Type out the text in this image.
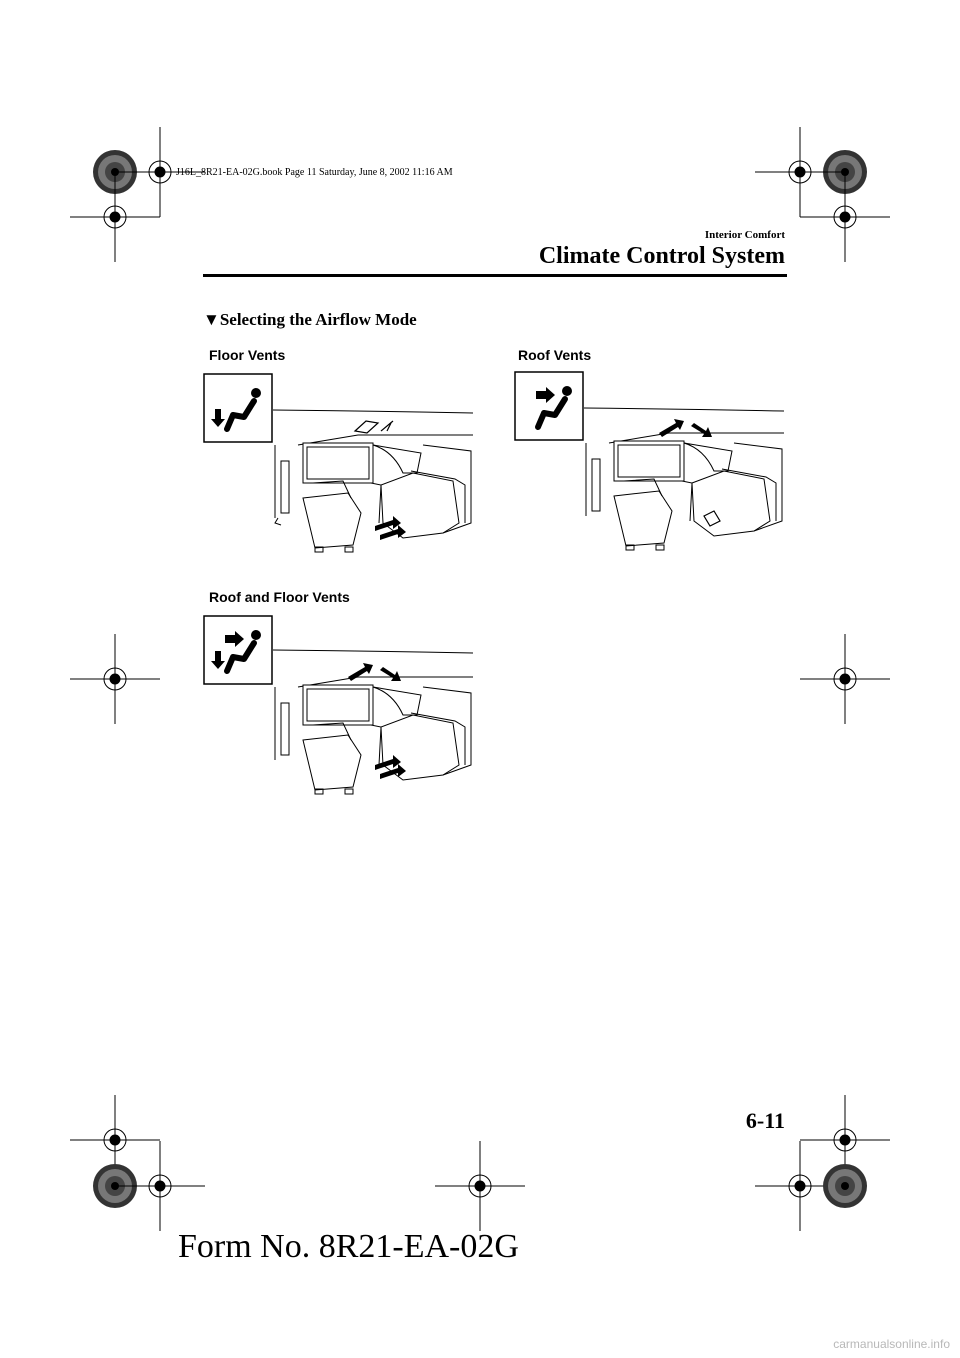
J16L_8R21-EA-02G.book Page 11 Saturday, June 8, 2002 11:16 AM
Interior Comfort
Climate Control System
▼Selecting the Airflow Mode
Floor Vents	Roof Vents
Roof and Floor Vents
6-11
Form No. 8R21-EA-02G
carmanualsonline.info
